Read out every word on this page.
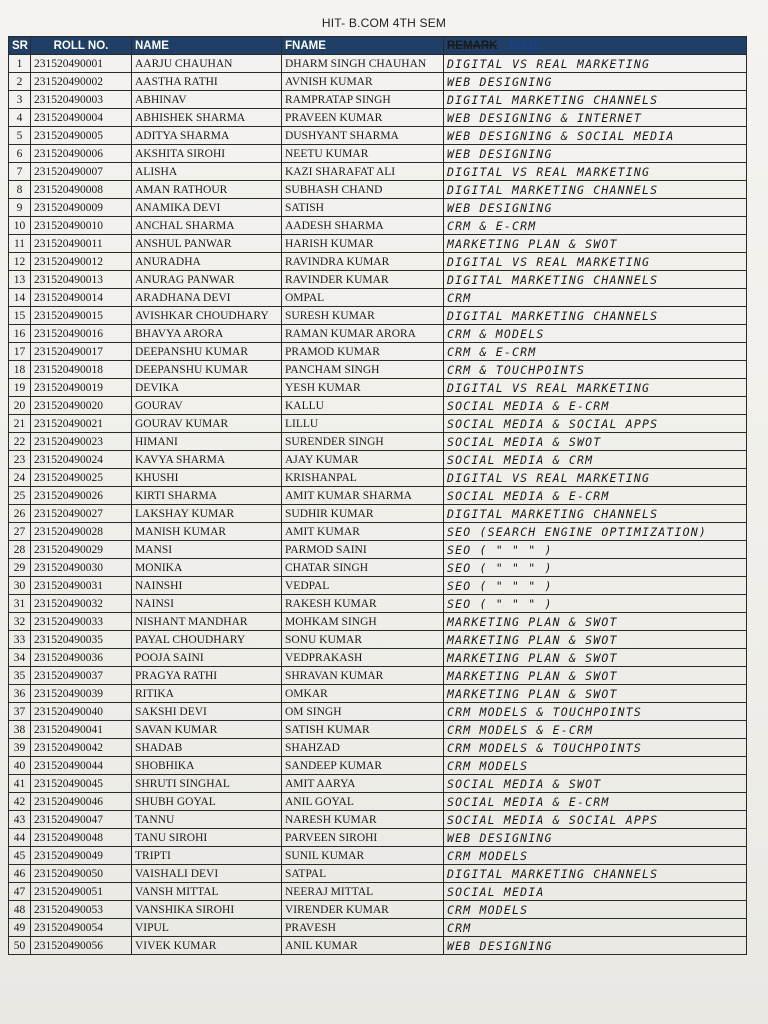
HIT- B.COM 4TH SEM
SR	ROLL NO.	NAME	FNAME	REMARK ToPIC
1	231520490001	AARJU CHAUHAN	DHARM SINGH CHAUHAN	DIGITAL VS REAL MARKETING
2	231520490002	AASTHA RATHI	AVNISH KUMAR	WEB DESIGNING
3	231520490003	ABHINAV	RAMPRATAP SINGH	DIGITAL MARKETING CHANNELS
4	231520490004	ABHISHEK SHARMA	PRAVEEN KUMAR	WEB DESIGNING & INTERNET
5	231520490005	ADITYA SHARMA	DUSHYANT SHARMA	WEB DESIGNING & SOCIAL MEDIA
6	231520490006	AKSHITA SIROHI	NEETU KUMAR	WEB DESIGNING
7	231520490007	ALISHA	KAZI SHARAFAT ALI	DIGITAL VS REAL MARKETING
8	231520490008	AMAN RATHOUR	SUBHASH CHAND	DIGITAL MARKETING CHANNELS
9	231520490009	ANAMIKA DEVI	SATISH	WEB DESIGNING
10	231520490010	ANCHAL SHARMA	AADESH SHARMA	CRM & E-CRM
11	231520490011	ANSHUL PANWAR	HARISH KUMAR	MARKETING PLAN & SWOT
12	231520490012	ANURADHA	RAVINDRA KUMAR	DIGITAL VS REAL MARKETING
13	231520490013	ANURAG PANWAR	RAVINDER KUMAR	DIGITAL MARKETING CHANNELS
14	231520490014	ARADHANA DEVI	OMPAL	CRM
15	231520490015	AVISHKAR CHOUDHARY	SURESH KUMAR	DIGITAL MARKETING CHANNELS
16	231520490016	BHAVYA ARORA	RAMAN KUMAR ARORA	CRM & MODELS
17	231520490017	DEEPANSHU KUMAR	PRAMOD KUMAR	CRM & E-CRM
18	231520490018	DEEPANSHU KUMAR	PANCHAM SINGH	CRM & TOUCHPOINTS
19	231520490019	DEVIKA	YESH KUMAR	DIGITAL VS REAL MARKETING
20	231520490020	GOURAV	KALLU	SOCIAL MEDIA & E-CRM
21	231520490021	GOURAV KUMAR	LILLU	SOCIAL MEDIA & SOCIAL APPS
22	231520490023	HIMANI	SURENDER SINGH	SOCIAL MEDIA & SWOT
23	231520490024	KAVYA SHARMA	AJAY KUMAR	SOCIAL MEDIA & CRM
24	231520490025	KHUSHI	KRISHANPAL	DIGITAL VS REAL MARKETING
25	231520490026	KIRTI SHARMA	AMIT KUMAR SHARMA	SOCIAL MEDIA & E-CRM
26	231520490027	LAKSHAY KUMAR	SUDHIR KUMAR	DIGITAL MARKETING CHANNELS
27	231520490028	MANISH KUMAR	AMIT KUMAR	SEO (SEARCH ENGINE OPTIMIZATION)
28	231520490029	MANSI	PARMOD SAINI	SEO ( " " " )
29	231520490030	MONIKA	CHATAR SINGH	SEO ( " " " )
30	231520490031	NAINSHI	VEDPAL	SEO ( " " " )
31	231520490032	NAINSI	RAKESH KUMAR	SEO ( " " " )
32	231520490033	NISHANT MANDHAR	MOHKAM SINGH	MARKETING PLAN & SWOT
33	231520490035	PAYAL CHOUDHARY	SONU KUMAR	MARKETING PLAN & SWOT
34	231520490036	POOJA SAINI	VEDPRAKASH	MARKETING PLAN & SWOT
35	231520490037	PRAGYA RATHI	SHRAVAN KUMAR	MARKETING PLAN & SWOT
36	231520490039	RITIKA	OMKAR	MARKETING PLAN & SWOT
37	231520490040	SAKSHI DEVI	OM SINGH	CRM MODELS & TOUCHPOINTS
38	231520490041	SAVAN KUMAR	SATISH KUMAR	CRM MODELS & E-CRM
39	231520490042	SHADAB	SHAHZAD	CRM MODELS & TOUCHPOINTS
40	231520490044	SHOBHIKA	SANDEEP KUMAR	CRM MODELS
41	231520490045	SHRUTI SINGHAL	AMIT AARYA	SOCIAL MEDIA & SWOT
42	231520490046	SHUBH GOYAL	ANIL GOYAL	SOCIAL MEDIA & E-CRM
43	231520490047	TANNU	NARESH KUMAR	SOCIAL MEDIA & SOCIAL APPS
44	231520490048	TANU SIROHI	PARVEEN SIROHI	WEB DESIGNING
45	231520490049	TRIPTI	SUNIL KUMAR	CRM MODELS
46	231520490050	VAISHALI DEVI	SATPAL	DIGITAL MARKETING CHANNELS
47	231520490051	VANSH MITTAL	NEERAJ MITTAL	SOCIAL MEDIA
48	231520490053	VANSHIKA SIROHI	VIRENDER KUMAR	CRM MODELS
49	231520490054	VIPUL	PRAVESH	CRM
50	231520490056	VIVEK KUMAR	ANIL KUMAR	WEB DESIGNING
